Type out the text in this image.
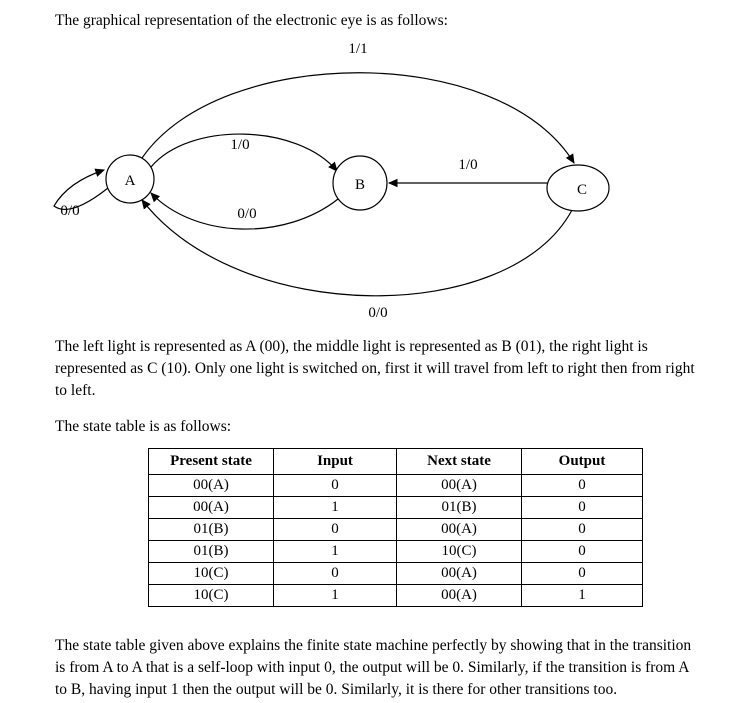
The graphical representation of the electronic eye is as follows:

1/1
1/0
1/0
0/0	0/0
0/0
A	B	C

The left light is represented as A (00), the middle light is represented as B (01), the right light is represented as C (10). Only one light is switched on, first it will travel from left to right then from right to left.

The state table is as follows:

Present state	Input	Next state	Output
00(A)	0	00(A)	0
00(A)	1	01(B)	0
01(B)	0	00(A)	0
01(B)	1	10(C)	0
10(C)	0	00(A)	0
10(C)	1	00(A)	1

The state table given above explains the finite state machine perfectly by showing that in the transition is from A to A that is a self-loop with input 0, the output will be 0. Similarly, if the transition is from A to B, having input 1 then the output will be 0. Similarly, it is there for other transitions too.
